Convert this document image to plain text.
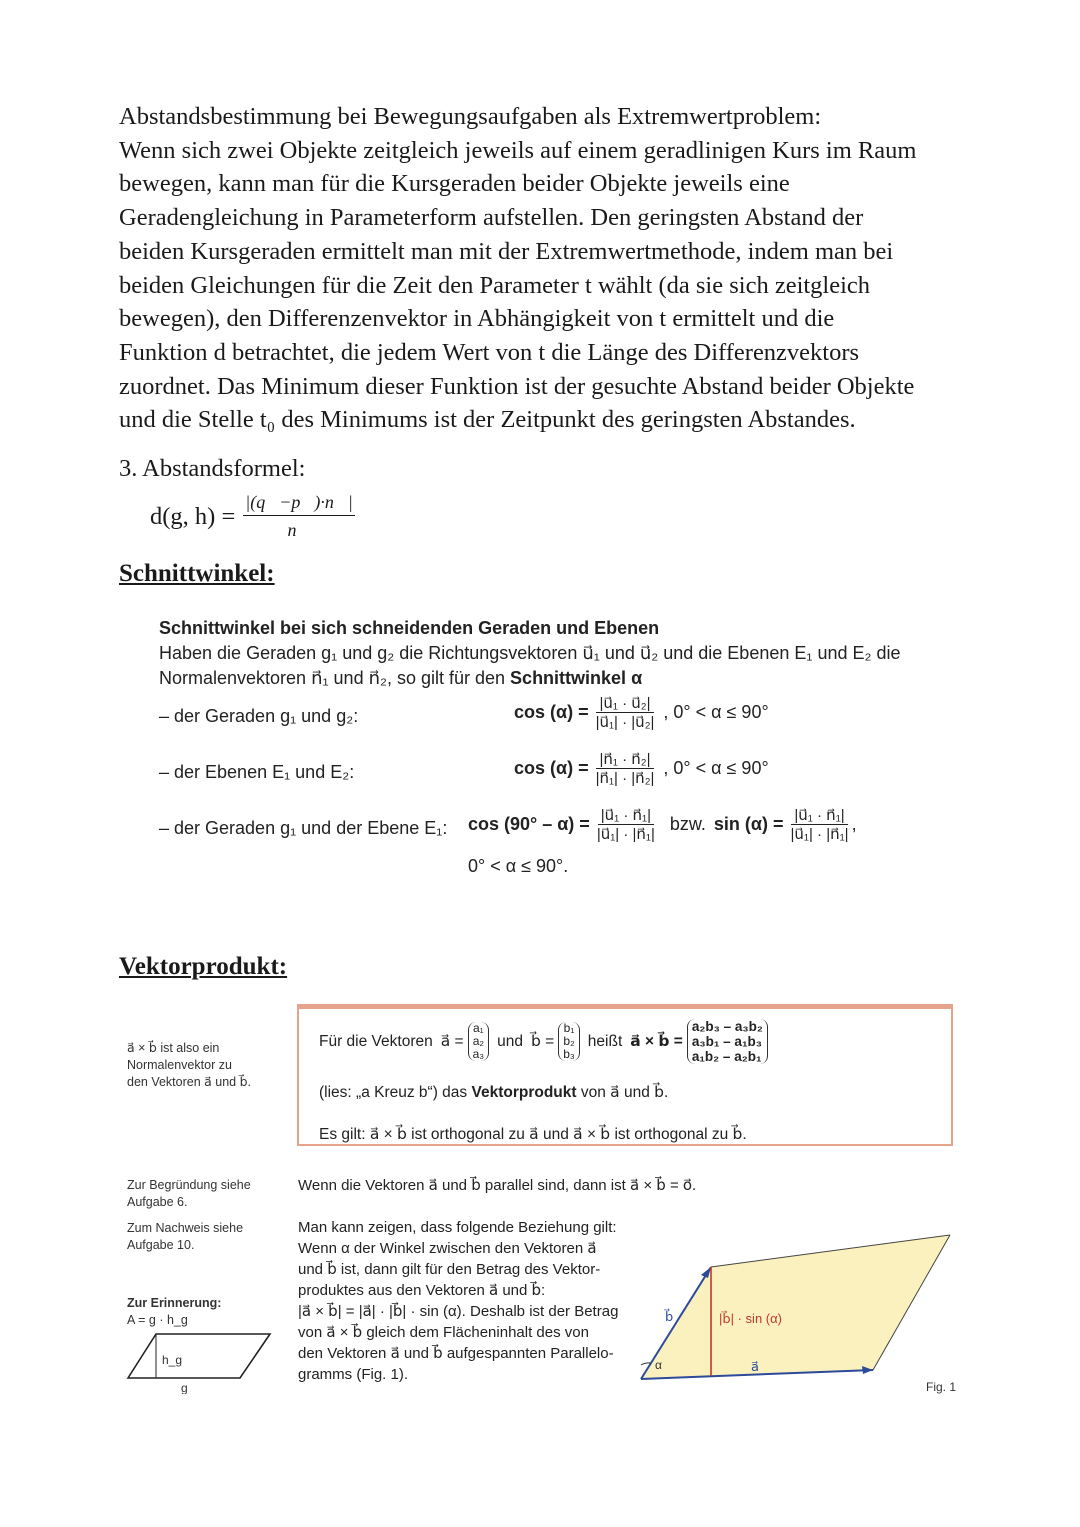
Abstandsbestimmung bei Bewegungsaufgaben als Extremwertproblem:

Wenn sich zwei Objekte zeitgleich jeweils auf einem geradlinigen Kurs im Raum

bewegen, kann man für die Kursgeraden beider Objekte jeweils eine

Geradengleichung in Parameterform aufstellen. Den geringsten Abstand der

beiden Kursgeraden ermittelt man mit der Extremwertmethode, indem man bei

beiden Gleichungen für die Zeit den Parameter t wählt (da sie sich zeitgleich

bewegen), den Differenzenvektor in Abhängigkeit von t ermittelt und die

Funktion d betrachtet, die jedem Wert von t die Länge des Differenzvektors

zuordnet. Das Minimum dieser Funktion ist der gesuchte Abstand beider Objekte

und die Stelle t₀ des Minimums ist der Zeitpunkt des geringsten Abstandes.

3. Abstandsformel:
d(g, $h) = \frac{|(q⃗-p⃗)\cdot n⃗|}{n⃗}$
Schnittwinkel:
Schnittwinkel bei sich schneidenden Geraden und Ebenen
Haben die Geraden g₁ und g₂ die Richtungsvektoren u⃗₁ und u⃗₂ und die Ebenen E₁ und E₂ die
Normalenvektoren n⃗₁ und n⃗₂, so gilt für den Schnittwinkel α
– der Geraden g₁ und g₂:	$\cos (\alpha) = \frac{\text{|u⃗₁ · u⃗₂|}}{\text{|u⃗₁| · |u⃗₂|}}$ , 0° < α ≤ 90°
– der Ebenen E₁ und E₂:	$\cos (\alpha) = \frac{\text{|n⃗₁ · n⃗₂|}}{\text{|n⃗₁| · |n⃗₂|}}$ , 0° < α ≤ 90°
– der Geraden g₁ und der Ebene E₁: $\cos (90^\circ - \alpha) = \frac{\text{|u⃗₁ · n⃗₁|}}{\text{|u⃗₁| · |n⃗₁|}}$ bzw. $\sin (\alpha) = \frac{\text{|u⃗₁ · n⃗₁|}}{\text{|u⃗₁| · |n⃗₁|}}$ ,
0° < α ≤ 90°.
Vektorprodukt:
a⃗ × b⃗ ist also ein
Normalenvektor zu
den Vektoren a⃗ und b⃗.
Für die Vektoren a⃗ =
a₁
a₂
a₃
und b⃗ =
b₁
b₂
b₃
heißt a⃗ × b⃗ =
a₂b₃ – a₃b₂
a₃b₁ – a₁b₃
a₁b₂ – a₂b₁
(lies: „a Kreuz b“) das Vektorprodukt von a⃗ und b⃗.
Es gilt: a⃗ × b⃗ ist orthogonal zu a⃗ und a⃗ × b⃗ ist orthogonal zu b⃗.
Zur Begründung siehe
Aufgabe 6.
Wenn die Vektoren a⃗ und b⃗ parallel sind, dann ist a⃗ × b⃗ = o⃗.
Zum Nachweis siehe
Aufgabe 10.
Man kann zeigen, dass folgende Beziehung gilt:
Wenn α der Winkel zwischen den Vektoren a⃗
und b⃗ ist, dann gilt für den Betrag des Vektor-
produktes aus den Vektoren a⃗ und b⃗:
|a⃗ × b⃗| = |a⃗| · |b⃗| · sin (α). Deshalb ist der Betrag
von a⃗ × b⃗ gleich dem Flächeninhalt des von
den Vektoren a⃗ und b⃗ aufgespannten Parallelo-
gramms (Fig. 1).
Zur Erinnerung:
A = g · h_g
h_g
g
α
b⃗
a⃗
|b⃗| · sin (α)
Fig. 1
